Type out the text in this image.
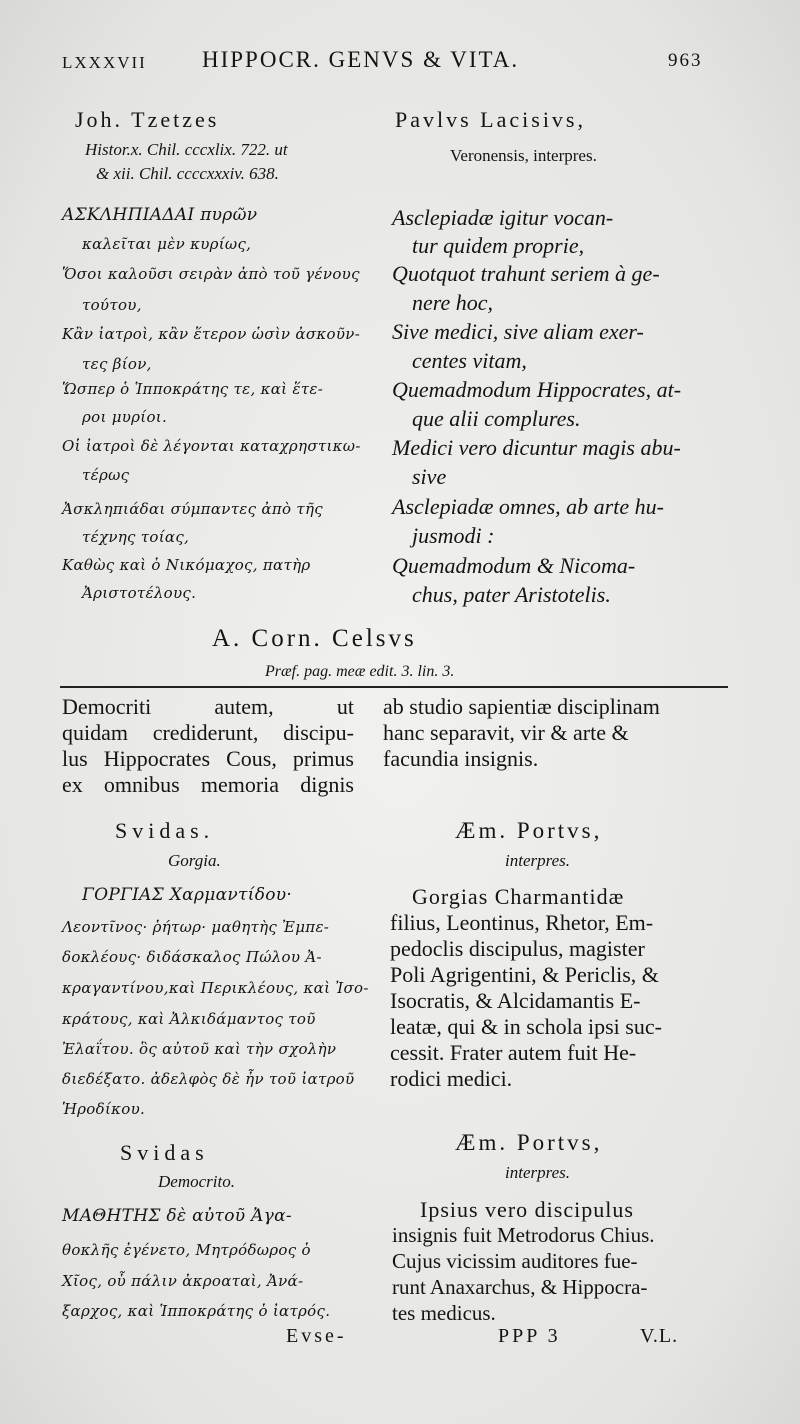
LXXXVII HIPPOCR. GENVS & VITA.	963
Joh. Tzetzes
Histor.x. Chil. cccxlix. 722. ut
& xii. Chil. ccccxxxiv. 638.
Pavlvs Lacisivs,
Veronensis, interpres.
ΑΣΚΛΗΠΙΑΔΑΙ πυρῶν
καλεῖται μὲν κυρίως,
Ὅσοι καλοῦσι σειρὰν ἀπὸ τοῦ γένους
τούτου,
Κἂν ἰατροὶ, κἂν ἕτερον ὡσὶν ἀσκοῦν-
τες βίον,
Ὥσπερ ὁ Ἱπποκράτης τε, καὶ ἕτε-
ροι μυρίοι.
Οἱ ἰατροὶ δὲ λέγονται καταχρηστικω-
τέρως
Ἀσκληπιάδαι σύμπαντες ἀπὸ τῆς
τέχνης τοίας,
Καθὼς καὶ ὁ Νικόμαχος, πατὴρ
Ἀριστοτέλους.
Asclepiadæ igitur vocan-
tur quidem proprie,
Quotquot trahunt seriem à ge-
nere hoc,
Sive medici, sive aliam exer-
centes vitam,
Quemadmodum Hippocrates, at-
que alii complures.
Medici vero dicuntur magis abu-
sive
Asclepiadæ omnes, ab arte hu-
jusmodi :
Quemadmodum & Nicoma-
chus, pater Aristotelis.
A. Corn. Celsvs
Præf. pag. meæ edit. 3. lin. 3.
Democriti autem, ut
quidam crediderunt, discipu-
lus Hippocrates Cous, primus
ex omnibus memoria dignis
ab studio sapientiæ disciplinam
hanc separavit, vir & arte &
facundia insignis.
Svidas.
Gorgia.
Æm. Portvs,
interpres.
ΓΟΡΓΙΑΣ Χαρμαντίδου·
Λεοντῖνος· ῥήτωρ· μαθητὴς Ἐμπε-
δοκλέους· διδάσκαλος Πώλου Ἀ-
κραγαντίνου,καὶ Περικλέους, καὶ Ἰσο-
κράτους, καὶ Ἀλκιδάμαντος τοῦ
Ἐλαΐτου. ὃς αὐτοῦ καὶ τὴν σχολὴν
διεδέξατο. ἀδελφὸς δὲ ἦν τοῦ ἰατροῦ
Ἡροδίκου.
Gorgias Charmantidæ
filius, Leontinus, Rhetor, Em-
pedoclis discipulus, magister
Poli Agrigentini, & Periclis, &
Isocratis, & Alcidamantis E-
leatæ, qui & in schola ipsi suc-
cessit. Frater autem fuit He-
rodici medici.
Svidas
Democrito.
Æm. Portvs,
interpres.
ΜΑΘΗΤΗΣ δὲ αὐτοῦ Ἀγα-
θοκλῆς ἐγένετο, Μητρόδωρος ὁ
Χῖος, οὗ πάλιν ἀκροαταὶ, Ἀνά-
ξαρχος, καὶ Ἱπποκράτης ὁ ἰατρός.
Ipsius vero discipulus
insignis fuit Metrodorus Chius.
Cujus vicissim auditores fue-
runt Anaxarchus, & Hippocra-
tes medicus.
Evse-	PPP 3	V.L.
